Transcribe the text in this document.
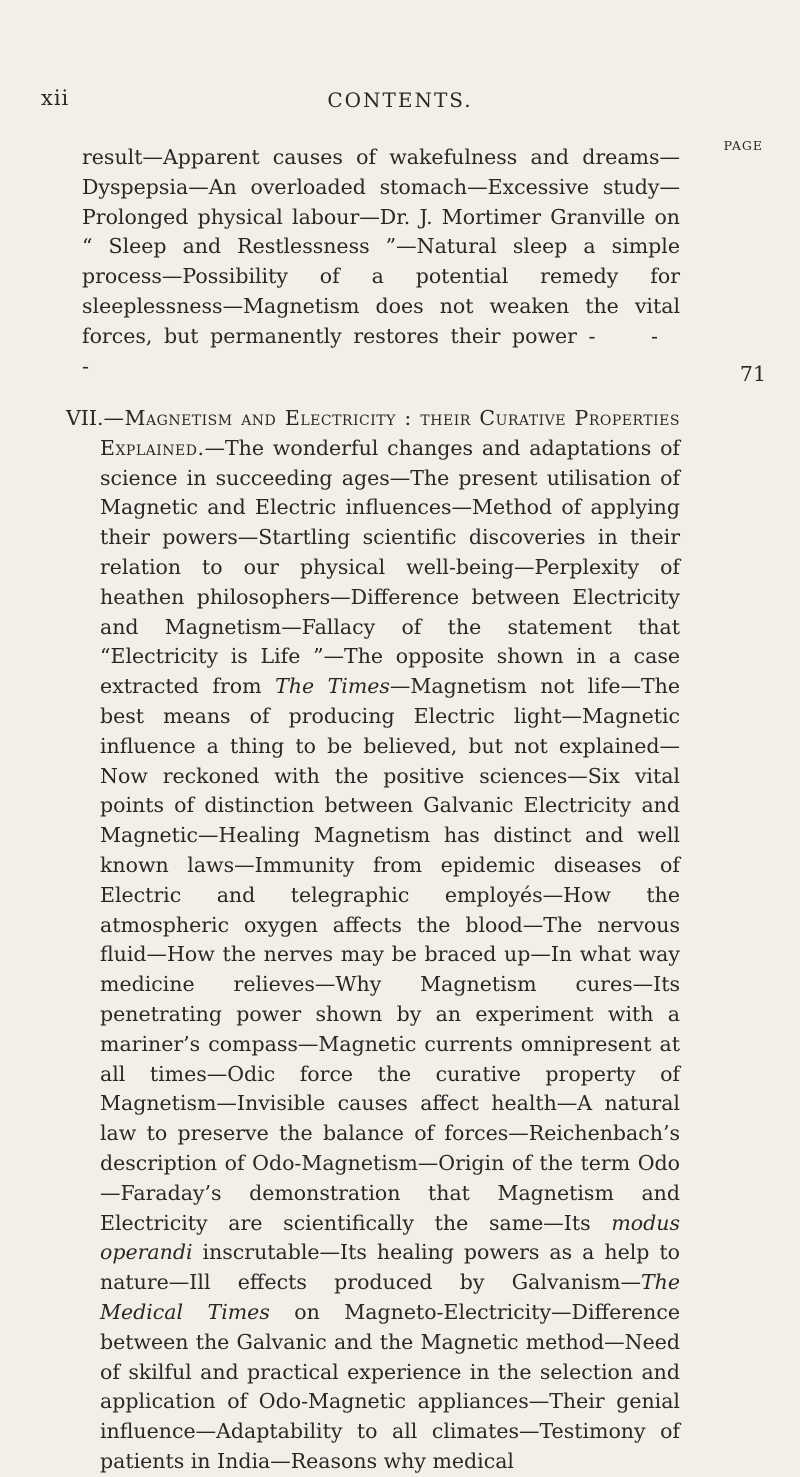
xii	CONTENTS.
PAGE
result—Apparent causes of wakefulness and dreams—Dyspepsia—An overloaded stomach—Excessive study—Prolonged physical labour—Dr. J. Mortimer Granville on “ Sleep and Restlessness ”—Natural sleep a simple process—Possibility of a potential remedy for sleeplessness—Magnetism does not weaken the vital forces, but permanently restores their power - - -	71
VII.—Magnetism and Electricity : their Curative Properties Explained.—The wonderful changes and adaptations of science in succeeding ages—The present utilisation of Magnetic and Electric influences—Method of applying their powers—Startling scientific discoveries in their relation to our physical well-being—Perplexity of heathen philosophers—Difference between Electricity and Magnetism—Fallacy of the statement that “Electricity is Life ”—The opposite shown in a case extracted from The Times—Magnetism not life—The best means of producing Electric light—Magnetic influence a thing to be believed, but not explained—Now reckoned with the positive sciences—Six vital points of distinction between Galvanic Electricity and Magnetic—Healing Magnetism has distinct and well known laws—Immunity from epidemic diseases of Electric and telegraphic employés—How the atmospheric oxygen affects the blood—The nervous fluid—How the nerves may be braced up—In what way medicine relieves—Why Magnetism cures—Its penetrating power shown by an experiment with a mariner’s compass—Magnetic currents omnipresent at all times—Odic force the curative property of Magnetism—Invisible causes affect health—A natural law to preserve the balance of forces—Reichenbach’s description of Odo-Magnetism—Origin of the term Odo—Faraday’s demonstration that Magnetism and Electricity are scientifically the same—Its modus operandi inscrutable—Its healing powers as a help to nature—Ill effects produced by Galvanism—The Medical Times on Magneto-Electricity—Difference between the Galvanic and the Magnetic method—Need of skilful and practical experience in the selection and application of Odo-Magnetic appliances—Their genial influence—Adaptability to all climates—Testimony of patients in India—Reasons why medical
